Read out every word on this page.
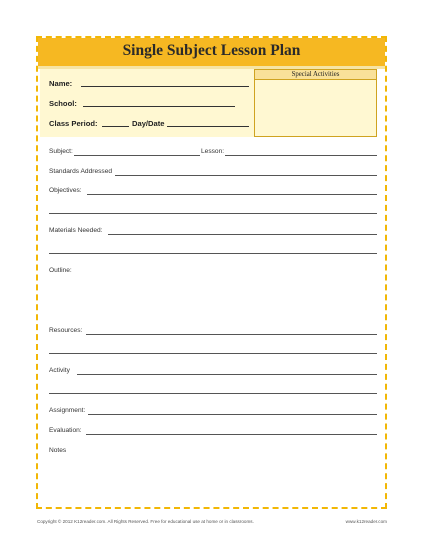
Single Subject Lesson Plan
Name:
School:
Class Period:	Day/Date
Special Activities
Subject:	Lesson:
Standards Addressed
Objectives:
Materials Needed:
Outline:
Resources:
Activity
Assignment:
Evaluation:
Notes
Copyright © 2012 K12reader.com. All Rights Reserved. Free for educational use at home or in classrooms.	www.k12reader.com
